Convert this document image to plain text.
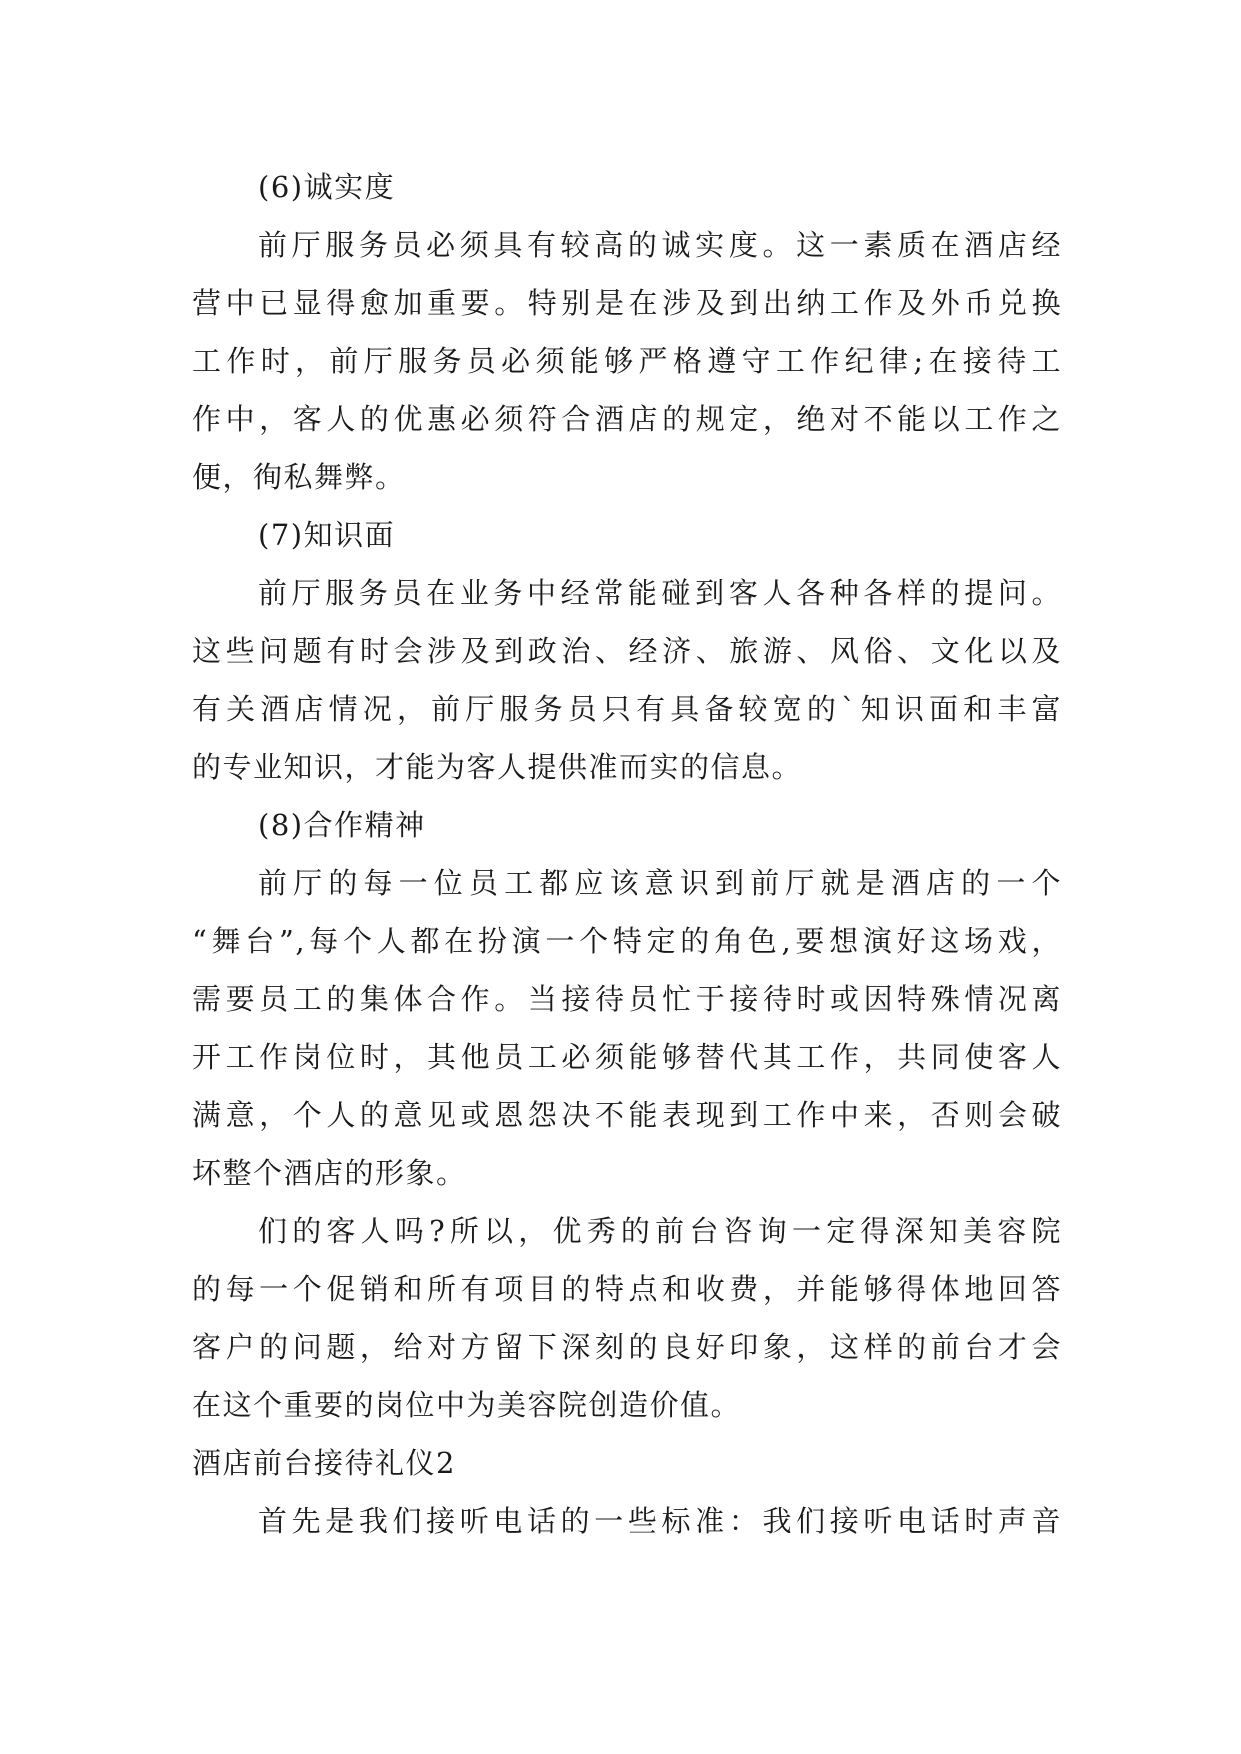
(6)诚实度
前厅服务员必须具有较高的诚实度。这一素质在酒店经
营中已显得愈加重要。特别是在涉及到出纳工作及外币兑换
工作时，前厅服务员必须能够严格遵守工作纪律;在接待工
作中，客人的优惠必须符合酒店的规定，绝对不能以工作之
便，徇私舞弊。
(7)知识面
前厅服务员在业务中经常能碰到客人各种各样的提问。
这些问题有时会涉及到政治、经济、旅游、风俗、文化以及
有关酒店情况，前厅服务员只有具备较宽的`知识面和丰富
的专业知识，才能为客人提供准而实的信息。
(8)合作精神
前厅的每一位员工都应该意识到前厅就是酒店的一个
“舞台”,每个人都在扮演一个特定的角色,要想演好这场戏，
需要员工的集体合作。当接待员忙于接待时或因特殊情况离
开工作岗位时，其他员工必须能够替代其工作，共同使客人
满意，个人的意见或恩怨决不能表现到工作中来，否则会破
坏整个酒店的形象。
们的客人吗?所以，优秀的前台咨询一定得深知美容院
的每一个促销和所有项目的特点和收费，并能够得体地回答
客户的问题，给对方留下深刻的良好印象，这样的前台才会
在这个重要的岗位中为美容院创造价值。
酒店前台接待礼仪2
首先是我们接听电话的一些标准：我们接听电话时声音
